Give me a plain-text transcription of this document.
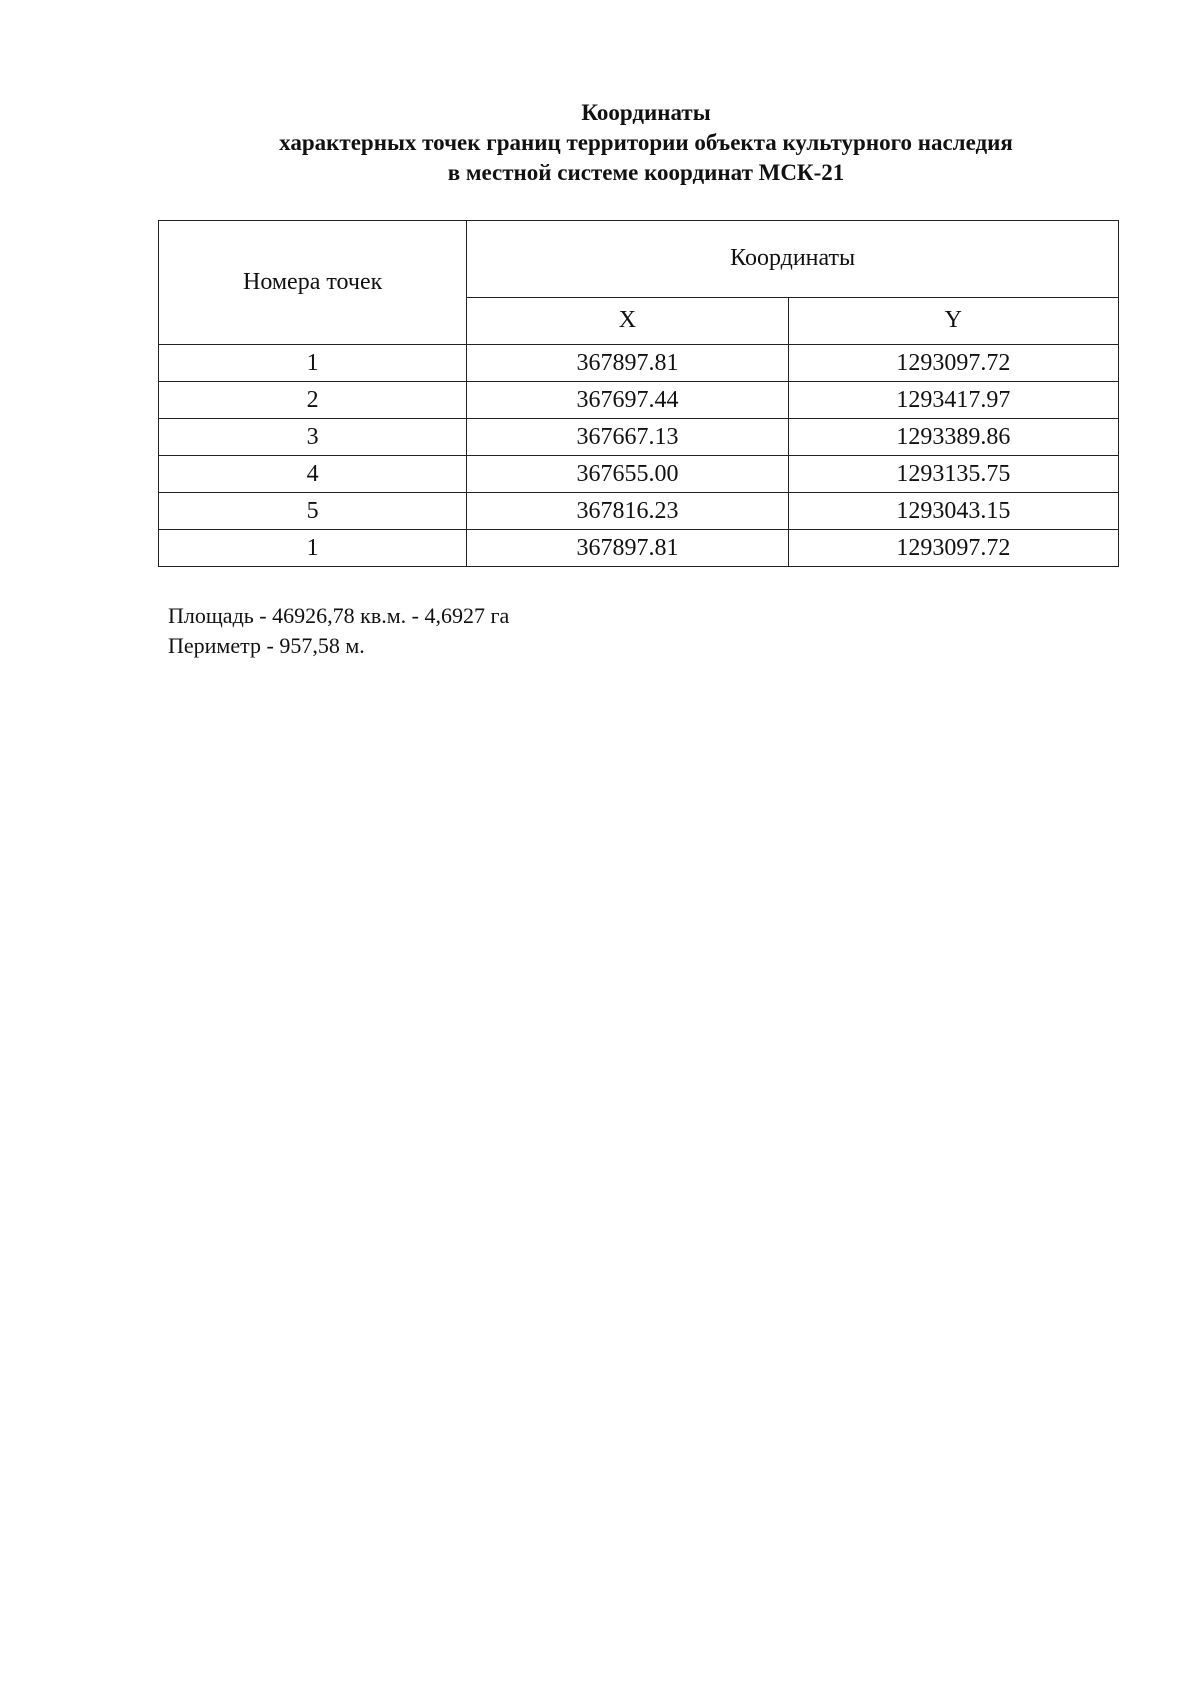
Координаты
характерных точек границ территории объекта культурного наследия
в местной системе координат МСК-21
Номера точек	Координаты	
	X	Y
1	367897.81	1293097.72
2	367697.44	1293417.97
3	367667.13	1293389.86
4	367655.00	1293135.75
5	367816.23	1293043.15
1	367897.81	1293097.72
Площадь - 46926,78 кв.м. - 4,6927 га
Периметр - 957,58 м.
